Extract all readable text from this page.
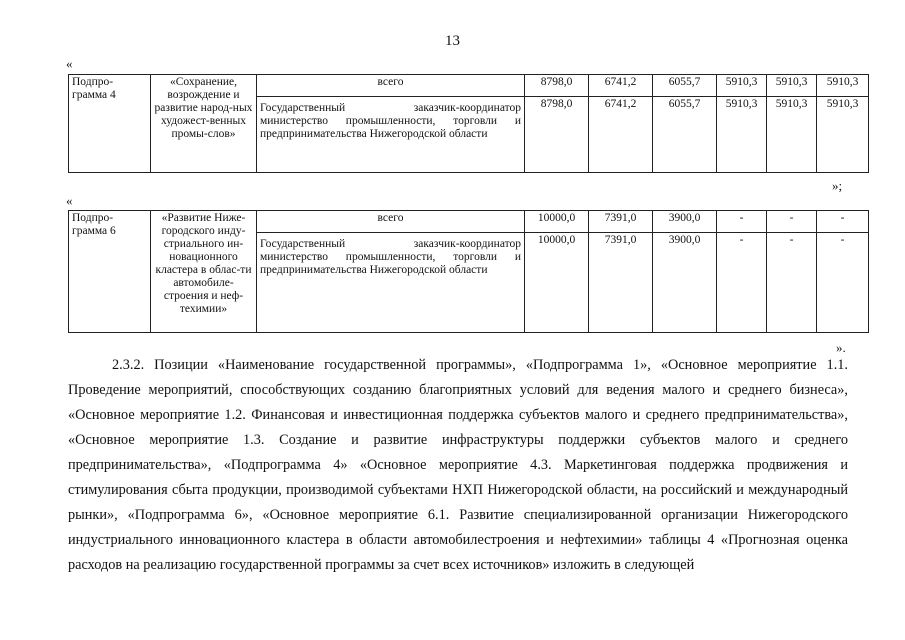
13
«
Подпро-
грамма 4	«Сохранение, возрождение и развитие народ-ных художест-венных промы-слов»	всего	8798,0	6741,2	6055,7	5910,3	5910,3	5910,3
		Государственный заказчик-координатор министерство промышленности, торговли и предпринимательства Нижегородской области	8798,0	6741,2	6055,7	5910,3	5910,3	5910,3
»;
«
Подпро-
грамма 6	«Развитие Ниже-городского инду-стриального ин-новационного кластера в облас-ти автомобиле-строения и неф-техимии»	всего	10000,0	7391,0	3900,0	-	-	-
		Государственный заказчик-координатор министерство промышленности, торговли и предпринимательства Нижегородской области	10000,0	7391,0	3900,0	-	-	-
».

2.3.2. Позиции «Наименование государственной программы», «Подпрограмма 1», «Основное мероприятие 1.1. Проведение мероприятий, способствующих созданию благоприятных условий для ведения малого и среднего бизнеса», «Основное мероприятие 1.2. Финансовая и инвестиционная поддержка субъектов малого и среднего предпринимательства», «Основное мероприятие 1.3. Создание и развитие инфраструктуры поддержки субъектов малого и среднего предпринимательства», «Подпрограмма 4» «Основное мероприятие 4.3. Маркетинговая поддержка продвижения и стимулирования сбыта продукции, производимой субъектами НХП Нижегородской области, на российский и международный рынки», «Подпрограмма 6», «Основное мероприятие 6.1. Развитие специализированной организации Нижегородского индустриального инновационного кластера в области автомобилестроения и нефтехимии» таблицы 4 «Прогнозная оценка расходов на реализацию государственной программы за счет всех источников» изложить в следующей
